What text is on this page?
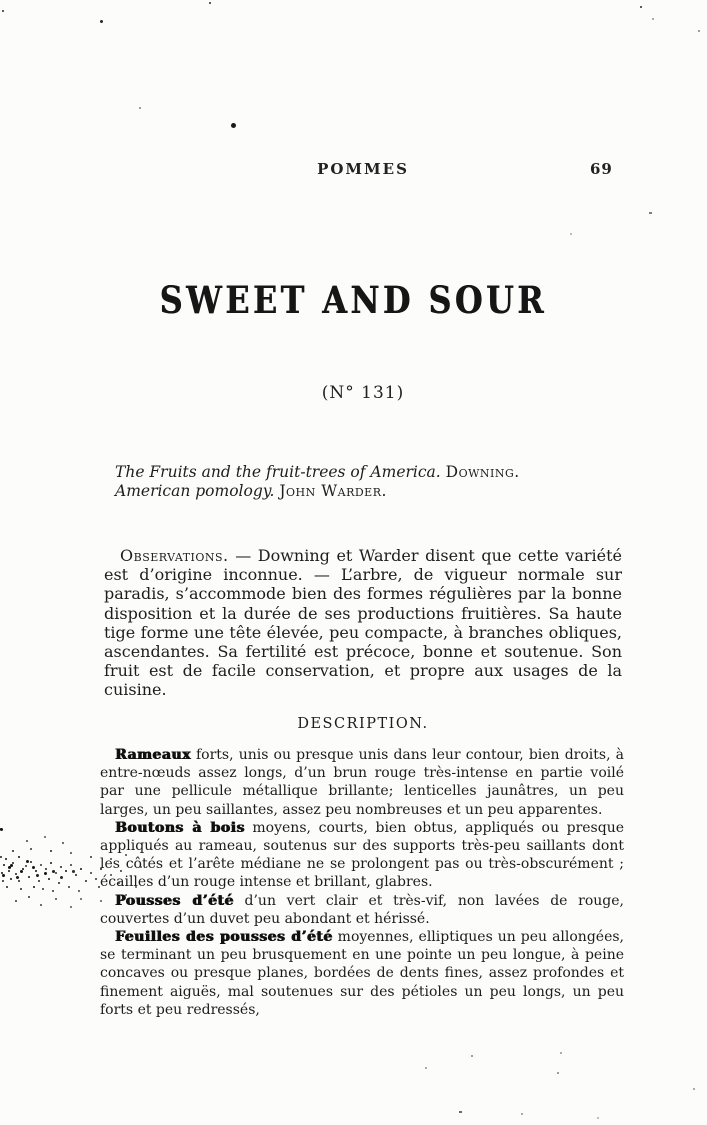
POMMES	69
SWEET AND SOUR
(N° 131)
The Fruits and the fruit-trees of America. Downing.
American pomology. John Warder.
Observations. — Downing et Warder disent que cette variété est d’origine inconnue. — L’arbre, de vigueur normale sur paradis, s’accommode bien des formes régulières par la bonne disposition et la durée de ses productions fruitières. Sa haute tige forme une tête élevée, peu compacte, à branches obliques, ascendantes. Sa fertilité est précoce, bonne et soutenue. Son fruit est de facile conservation, et propre aux usages de la cuisine.
DESCRIPTION.

Rameaux forts, unis ou presque unis dans leur contour, bien droits, à entre-nœuds assez longs, d’un brun rouge très-intense en partie voilé par une pellicule métallique brillante; lenticelles jaunâtres, un peu larges, un peu saillantes, assez peu nombreuses et un peu apparentes.

Boutons à bois moyens, courts, bien obtus, appliqués ou presque appliqués au rameau, soutenus sur des supports très-peu saillants dont les côtés et l’arête médiane ne se prolongent pas ou très-obscurément ; écailles d’un rouge intense et brillant, glabres.

Pousses d’été d’un vert clair et très-vif, non lavées de rouge, couvertes d’un duvet peu abondant et hérissé.

Feuilles des pousses d’été moyennes, elliptiques un peu allongées, se terminant un peu brusquement en une pointe un peu longue, à peine concaves ou presque planes, bordées de dents fines, assez profondes et finement aiguës, mal soutenues sur des pétioles un peu longs, un peu forts et peu redressés,
